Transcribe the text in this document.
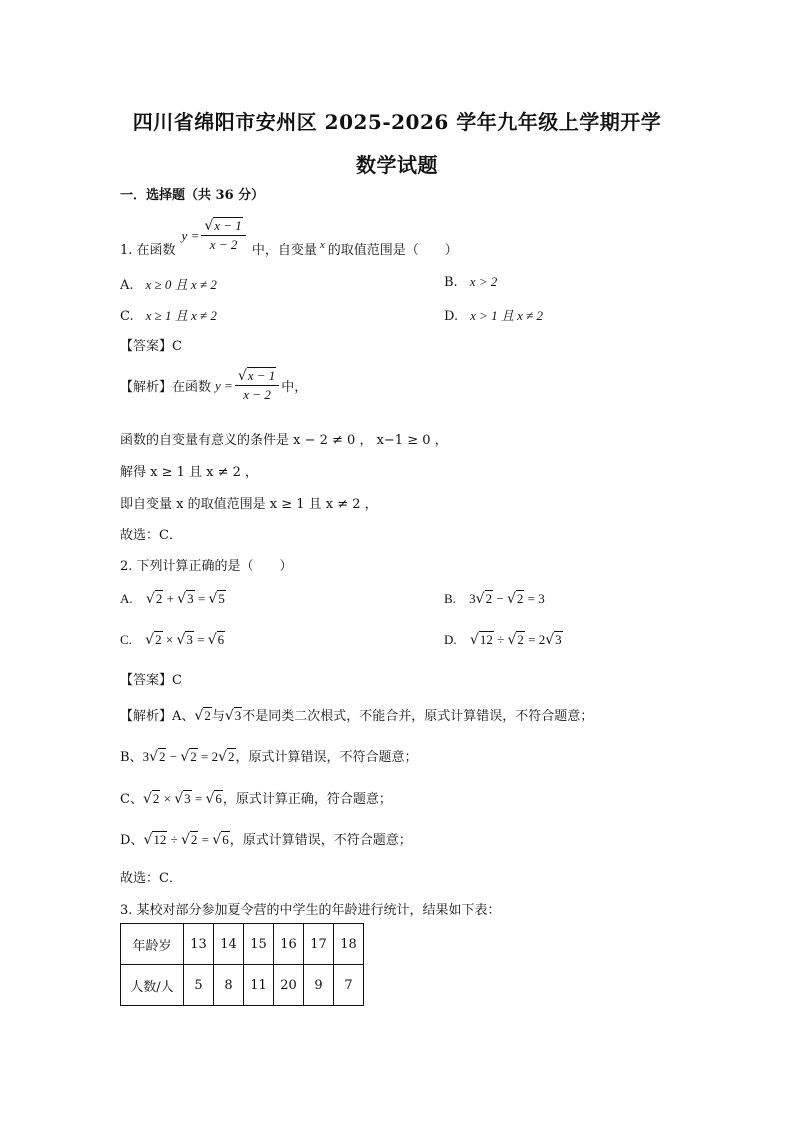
四川省绵阳市安州区 2025-2026 学年九年级上学期开学
数学试题
一．选择题（共 36 分）
1. 在函数
$y = \frac{√x - 1}{x - 2}$ 中，自变量 x 的取值范围是（　　）
A. x ≥ 0 且 x ≠ 2	B. x > 2
C. x ≥ 1 且 x ≠ 2	D. x > 1 且 x ≠ 2
【答案】C
【解析】 在函数 $y = \frac{√x - 1}{x - 2}$ 中，
函数的自变量有意义的条件是 x − 2 ≠ 0 ， x−1 ≥ 0 ，
解得 x ≥ 1 且 x ≠ 2 ，
即自变量 x 的取值范围是 x ≥ 1 且 x ≠ 2 ，
故选：C．
2. 下列计算正确的是（　　）
A. √2 + √3 = √5	B. 3√2 − √2 = 3
C. √2 × √3 = √6	D. √12 ÷ √2 = 2√3
【答案】C
【解析】A、√2与√3不是同类二次根式，不能合并，原式计算错误，不符合题意；
B、3√2 − √2 = 2√2，原式计算错误，不符合题意；
C、√2 × √3 = √6，原式计算正确，符合题意；
D、√12 ÷ √2 = √6，原式计算错误，不符合题意；
故选：C．
3. 某校对部分参加夏令营的中学生的年龄进行统计，结果如下表：
年龄岁	13	14	15	16	17	18
人数/人	5	8	11	20	9	7
